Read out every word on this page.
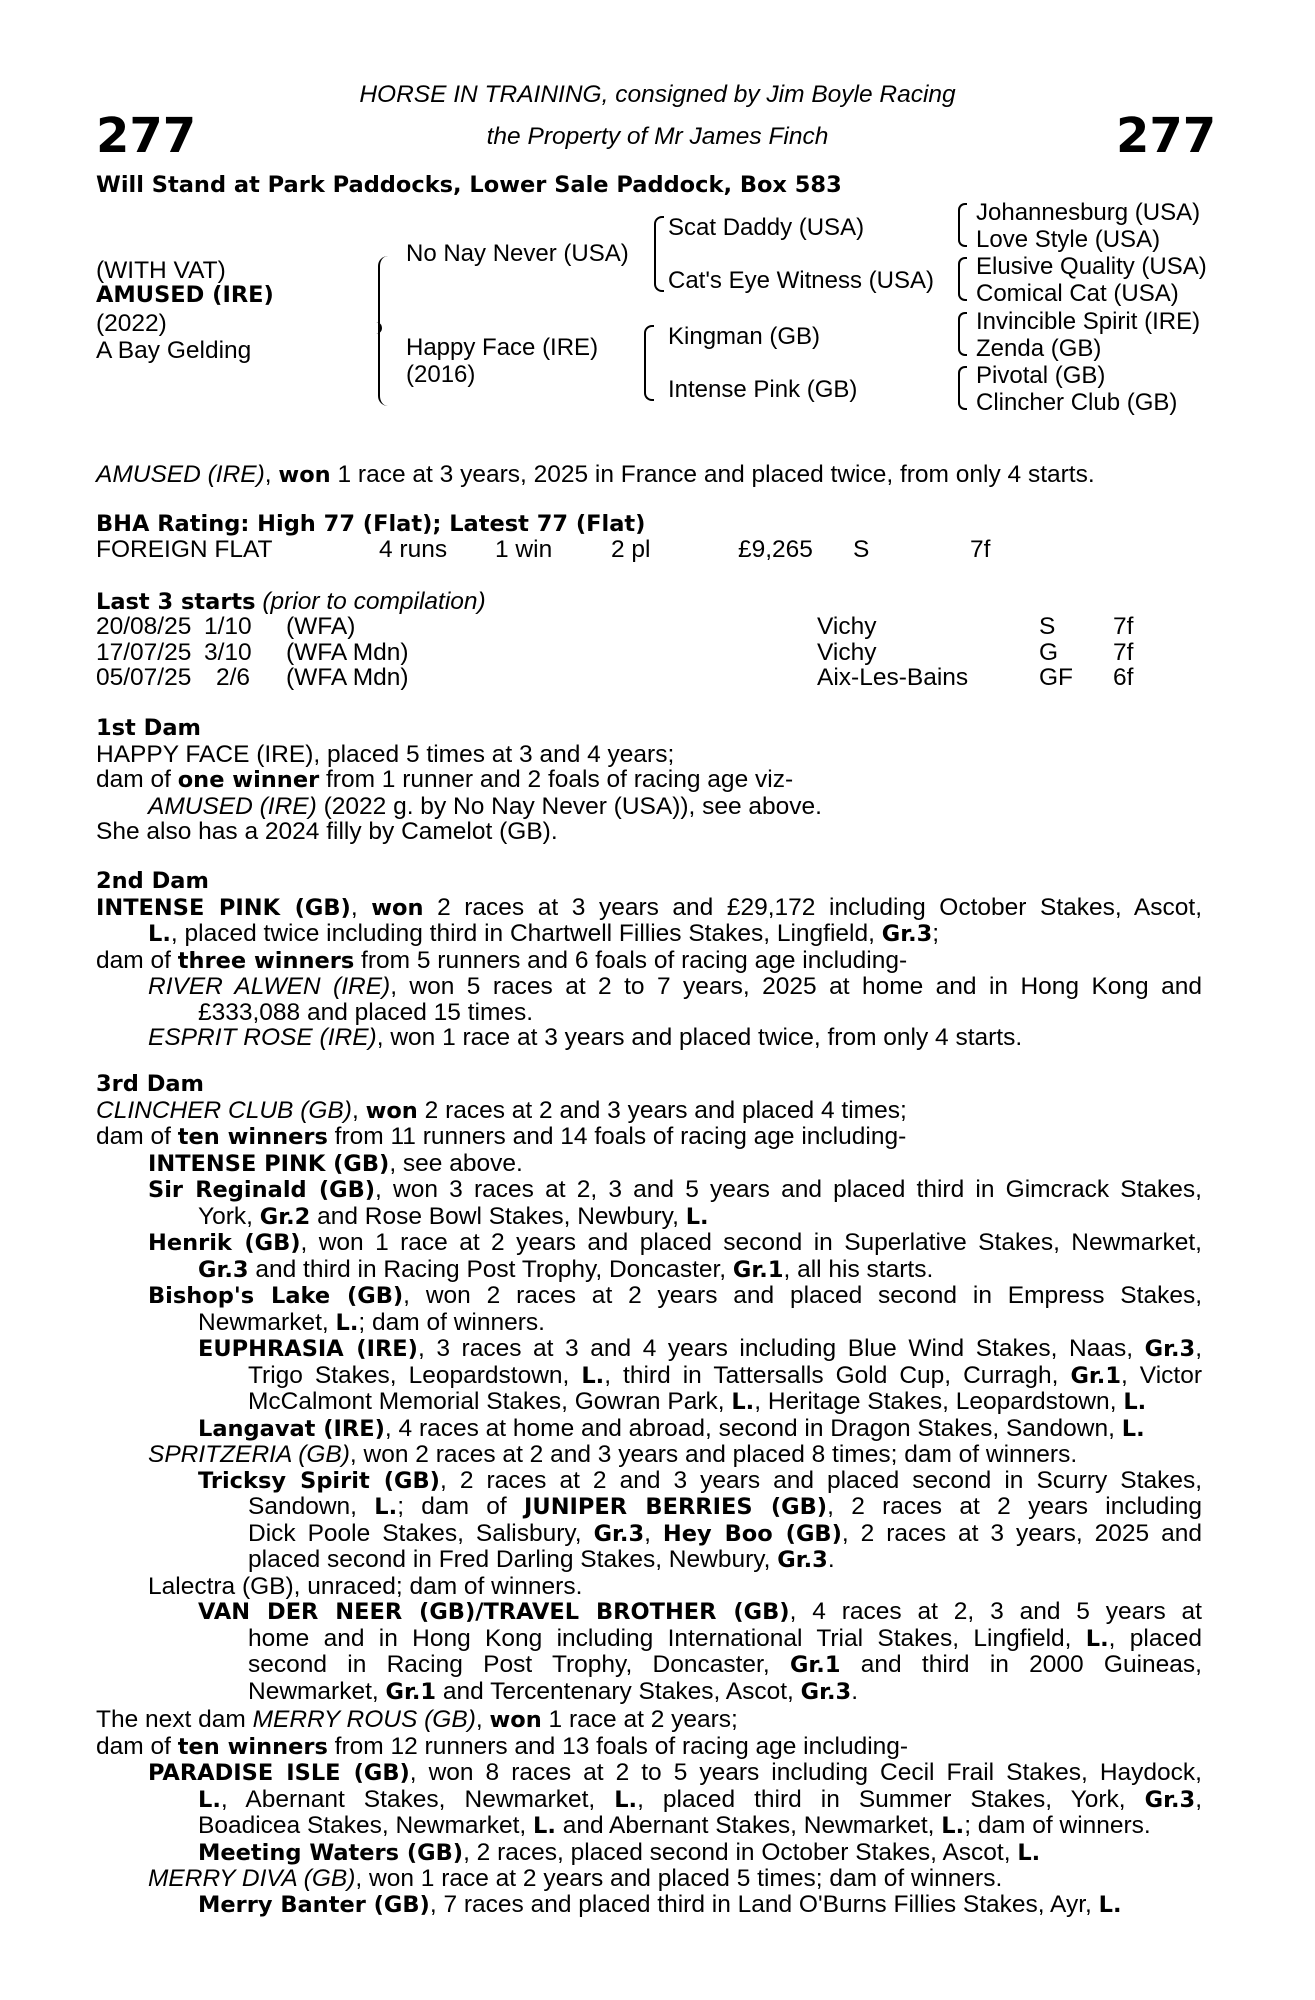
277	277
HORSE IN TRAINING, consigned by Jim Boyle Racing
the Property of Mr James Finch
Will Stand at Park Paddocks, Lower Sale Paddock, Box 583
(WITH VAT)
AMUSED (IRE)
(2022)
A Bay Gelding
No Nay Never (USA)
Happy Face (IRE)
(2016)
Scat Daddy (USA)
Cat's Eye Witness (USA)
Kingman (GB)
Intense Pink (GB)
Johannesburg (USA)
Love Style (USA)
Elusive Quality (USA)
Comical Cat (USA)
Invincible Spirit (IRE)
Zenda (GB)
Pivotal (GB)
Clincher Club (GB)
AMUSED (IRE), won 1 race at 3 years, 2025 in France and placed twice, from only 4 starts.
BHA Rating: High 77 (Flat); Latest 77 (Flat)
FOREIGN FLAT	4 runs 1 win 2 pl	£9,265 S	7f
Last 3 starts (prior to compilation)
20/08/25 1/10 (WFA)	Vichy	S 7f
17/07/25 3/10 (WFA Mdn)	Vichy	G 7f
05/07/25 2/6 (WFA Mdn)	Aix-Les-Bains	GF 6f

1st Dam

HAPPY FACE (IRE), placed 5 times at 3 and 4 years;

dam of one winner from 1 runner and 2 foals of racing age viz-

AMUSED (IRE) (2022 g. by No Nay Never (USA)), see above.

She also has a 2024 filly by Camelot (GB).

2nd Dam

INTENSE PINK (GB), won 2 races at 3 years and £29,172 including October Stakes, Ascot,

L., placed twice including third in Chartwell Fillies Stakes, Lingfield, Gr.3;

dam of three winners from 5 runners and 6 foals of racing age including-

RIVER ALWEN (IRE), won 5 races at 2 to 7 years, 2025 at home and in Hong Kong and

£333,088 and placed 15 times.

ESPRIT ROSE (IRE), won 1 race at 3 years and placed twice, from only 4 starts.

3rd Dam

CLINCHER CLUB (GB), won 2 races at 2 and 3 years and placed 4 times;

dam of ten winners from 11 runners and 14 foals of racing age including-

INTENSE PINK (GB), see above.

Sir Reginald (GB), won 3 races at 2, 3 and 5 years and placed third in Gimcrack Stakes,

York, Gr.2 and Rose Bowl Stakes, Newbury, L.

Henrik (GB), won 1 race at 2 years and placed second in Superlative Stakes, Newmarket,

Gr.3 and third in Racing Post Trophy, Doncaster, Gr.1, all his starts.

Bishop's Lake (GB), won 2 races at 2 years and placed second in Empress Stakes,

Newmarket, L.; dam of winners.

EUPHRASIA (IRE), 3 races at 3 and 4 years including Blue Wind Stakes, Naas, Gr.3,

Trigo Stakes, Leopardstown, L., third in Tattersalls Gold Cup, Curragh, Gr.1, Victor

McCalmont Memorial Stakes, Gowran Park, L., Heritage Stakes, Leopardstown, L.

Langavat (IRE), 4 races at home and abroad, second in Dragon Stakes, Sandown, L.

SPRITZERIA (GB), won 2 races at 2 and 3 years and placed 8 times; dam of winners.

Tricksy Spirit (GB), 2 races at 2 and 3 years and placed second in Scurry Stakes,

Sandown, L.; dam of JUNIPER BERRIES (GB), 2 races at 2 years including

Dick Poole Stakes, Salisbury, Gr.3, Hey Boo (GB), 2 races at 3 years, 2025 and

placed second in Fred Darling Stakes, Newbury, Gr.3.

Lalectra (GB), unraced; dam of winners.

VAN DER NEER (GB)/TRAVEL BROTHER (GB), 4 races at 2, 3 and 5 years at

home and in Hong Kong including International Trial Stakes, Lingfield, L., placed

second in Racing Post Trophy, Doncaster, Gr.1 and third in 2000 Guineas,

Newmarket, Gr.1 and Tercentenary Stakes, Ascot, Gr.3.

The next dam MERRY ROUS (GB), won 1 race at 2 years;

dam of ten winners from 12 runners and 13 foals of racing age including-

PARADISE ISLE (GB), won 8 races at 2 to 5 years including Cecil Frail Stakes, Haydock,

L., Abernant Stakes, Newmarket, L., placed third in Summer Stakes, York, Gr.3,

Boadicea Stakes, Newmarket, L. and Abernant Stakes, Newmarket, L.; dam of winners.

Meeting Waters (GB), 2 races, placed second in October Stakes, Ascot, L.

MERRY DIVA (GB), won 1 race at 2 years and placed 5 times; dam of winners.

Merry Banter (GB), 7 races and placed third in Land O'Burns Fillies Stakes, Ayr, L.
